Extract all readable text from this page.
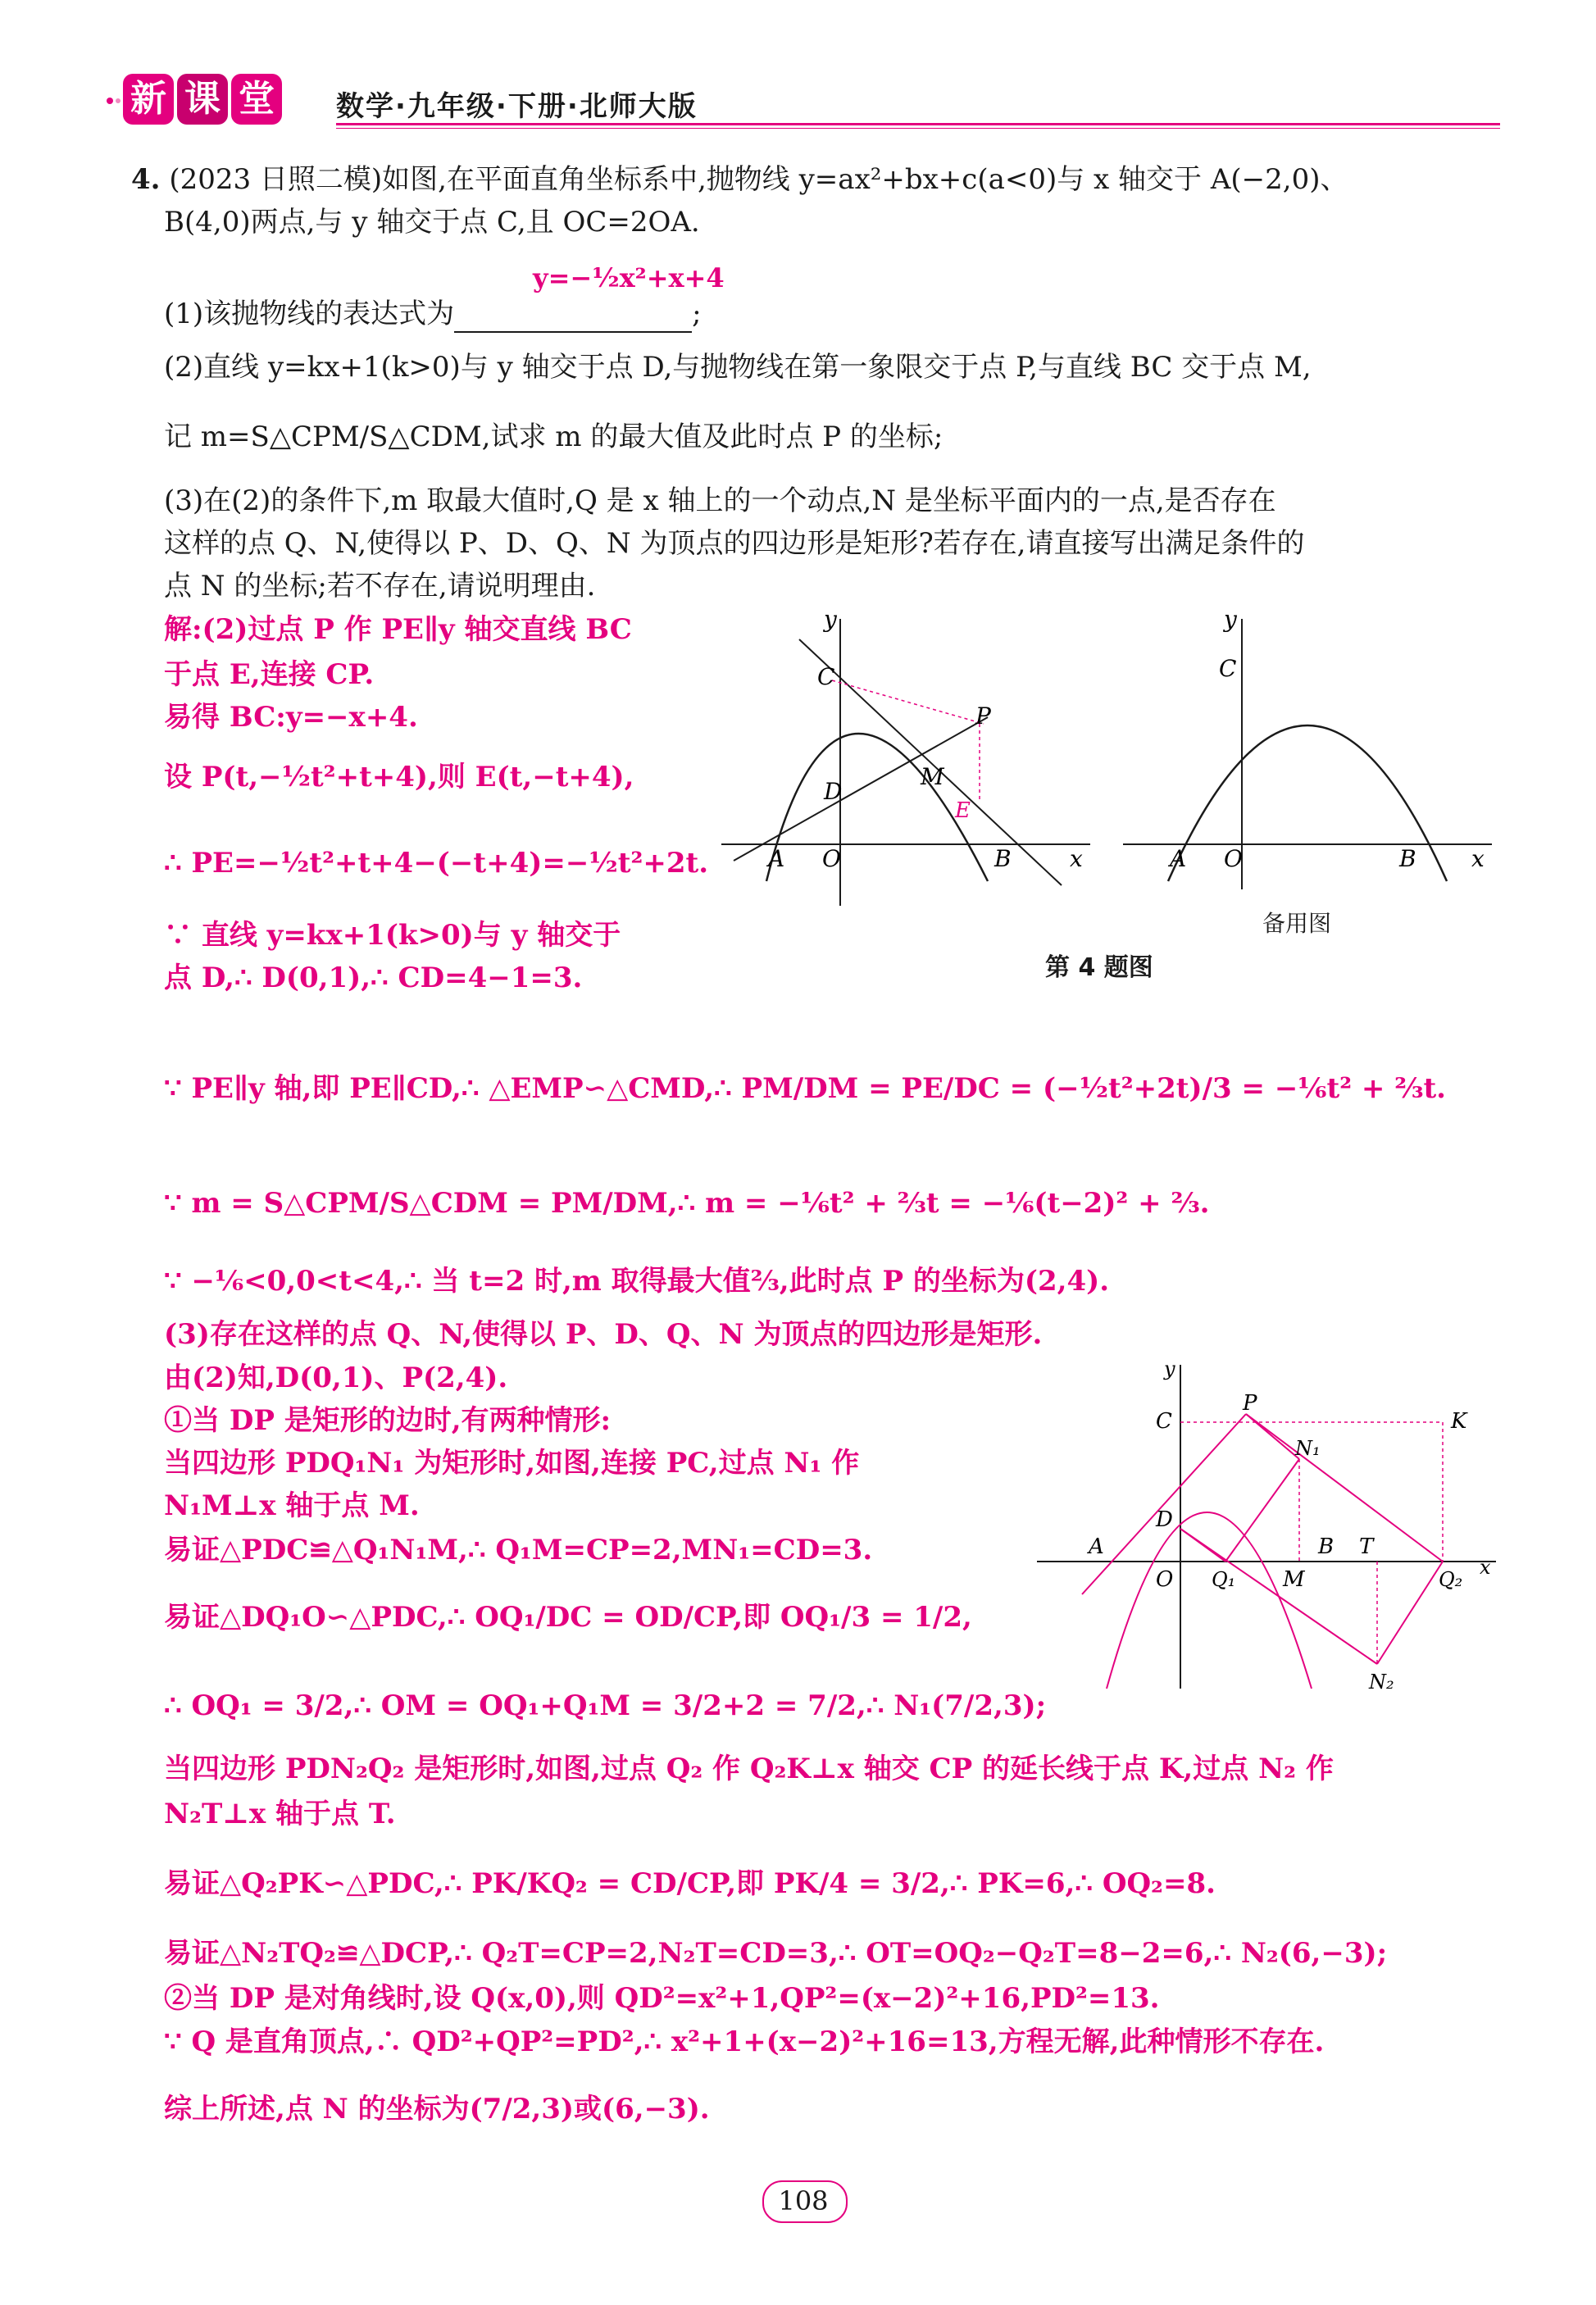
新 课 堂 数学·九年级·下册·北师大版
4. (2023 日照二模)如图,在平面直角坐标系中,抛物线 y=ax²+bx+c(a<0)与 x 轴交于 A(−2,0)、
B(4,0)两点,与 y 轴交于点 C,且 OC=2OA.
y=−½x²+x+4
(1)该抛物线的表达式为	;
(2)直线 y=kx+1(k>0)与 y 轴交于点 D,与抛物线在第一象限交于点 P,与直线 BC 交于点 M,
记 m=S△CPM/S△CDM,试求 m 的最大值及此时点 P 的坐标;
(3)在(2)的条件下,m 取最大值时,Q 是 x 轴上的一个动点,N 是坐标平面内的一点,是否存在
这样的点 Q、N,使得以 P、D、Q、N 为顶点的四边形是矩形?若存在,请直接写出满足条件的
点 N 的坐标;若不存在,请说明理由.
解:(2)过点 P 作 PE∥y 轴交直线 BC
于点 E,连接 CP.
易得 BC:y=−x+4.
设 P(t,−½t²+t+4),则 E(t,−t+4),
∴ PE=−½t²+t+4−(−t+4)=−½t²+2t.
∵ 直线 y=kx+1(k>0)与 y 轴交于
点 D,∴ D(0,1),∴ CD=4−1=3.
y
C
P
D
M
E
A O	B	x
y
C
A O	B x
备用图
第 4 题图
∵ PE∥y 轴,即 PE∥CD,∴ △EMP∽△CMD,∴ PM/DM = PE/DC = (−½t²+2t)/3 = −⅙t² + ⅔t.
∵ m = S△CPM/S△CDM = PM/DM,∴ m = −⅙t² + ⅔t = −⅙(t−2)² + ⅔.
∵ −⅙<0,0<t<4,∴ 当 t=2 时,m 取得最大值⅔,此时点 P 的坐标为(2,4).
(3)存在这样的点 Q、N,使得以 P、D、Q、N 为顶点的四边形是矩形.
由(2)知,D(0,1)、P(2,4).
①当 DP 是矩形的边时,有两种情形:
当四边形 PDQ₁N₁ 为矩形时,如图,连接 PC,过点 N₁ 作
N₁M⊥x 轴于点 M.
易证△PDC≌△Q₁N₁M,∴ Q₁M=CP=2,MN₁=CD=3.
易证△DQ₁O∽△PDC,∴ OQ₁/DC = OD/CP,即 OQ₁/3 = 1/2,
∴ OQ₁ = 3/2,∴ OM = OQ₁+Q₁M = 3/2+2 = 7/2,∴ N₁(7/2,3);
当四边形 PDN₂Q₂ 是矩形时,如图,过点 Q₂ 作 Q₂K⊥x 轴交 CP 的延长线于点 K,过点 N₂ 作
N₂T⊥x 轴于点 T.
易证△Q₂PK∽△PDC,∴ PK/KQ₂ = CD/CP,即 PK/4 = 3/2,∴ PK=6,∴ OQ₂=8.
易证△N₂TQ₂≌△DCP,∴ Q₂T=CP=2,N₂T=CD=3,∴ OT=OQ₂−Q₂T=8−2=6,∴ N₂(6,−3);
②当 DP 是对角线时,设 Q(x,0),则 QD²=x²+1,QP²=(x−2)²+16,PD²=13.
∵ Q 是直角顶点,∴ QD²+QP²=PD²,∴ x²+1+(x−2)²+16=13,方程无解,此种情形不存在.
综上所述,点 N 的坐标为(7/2,3)或(6,−3).
y
C
P
K
N₁
D
A	B T
O Q₁ M	Q₂
x
N₂
108
